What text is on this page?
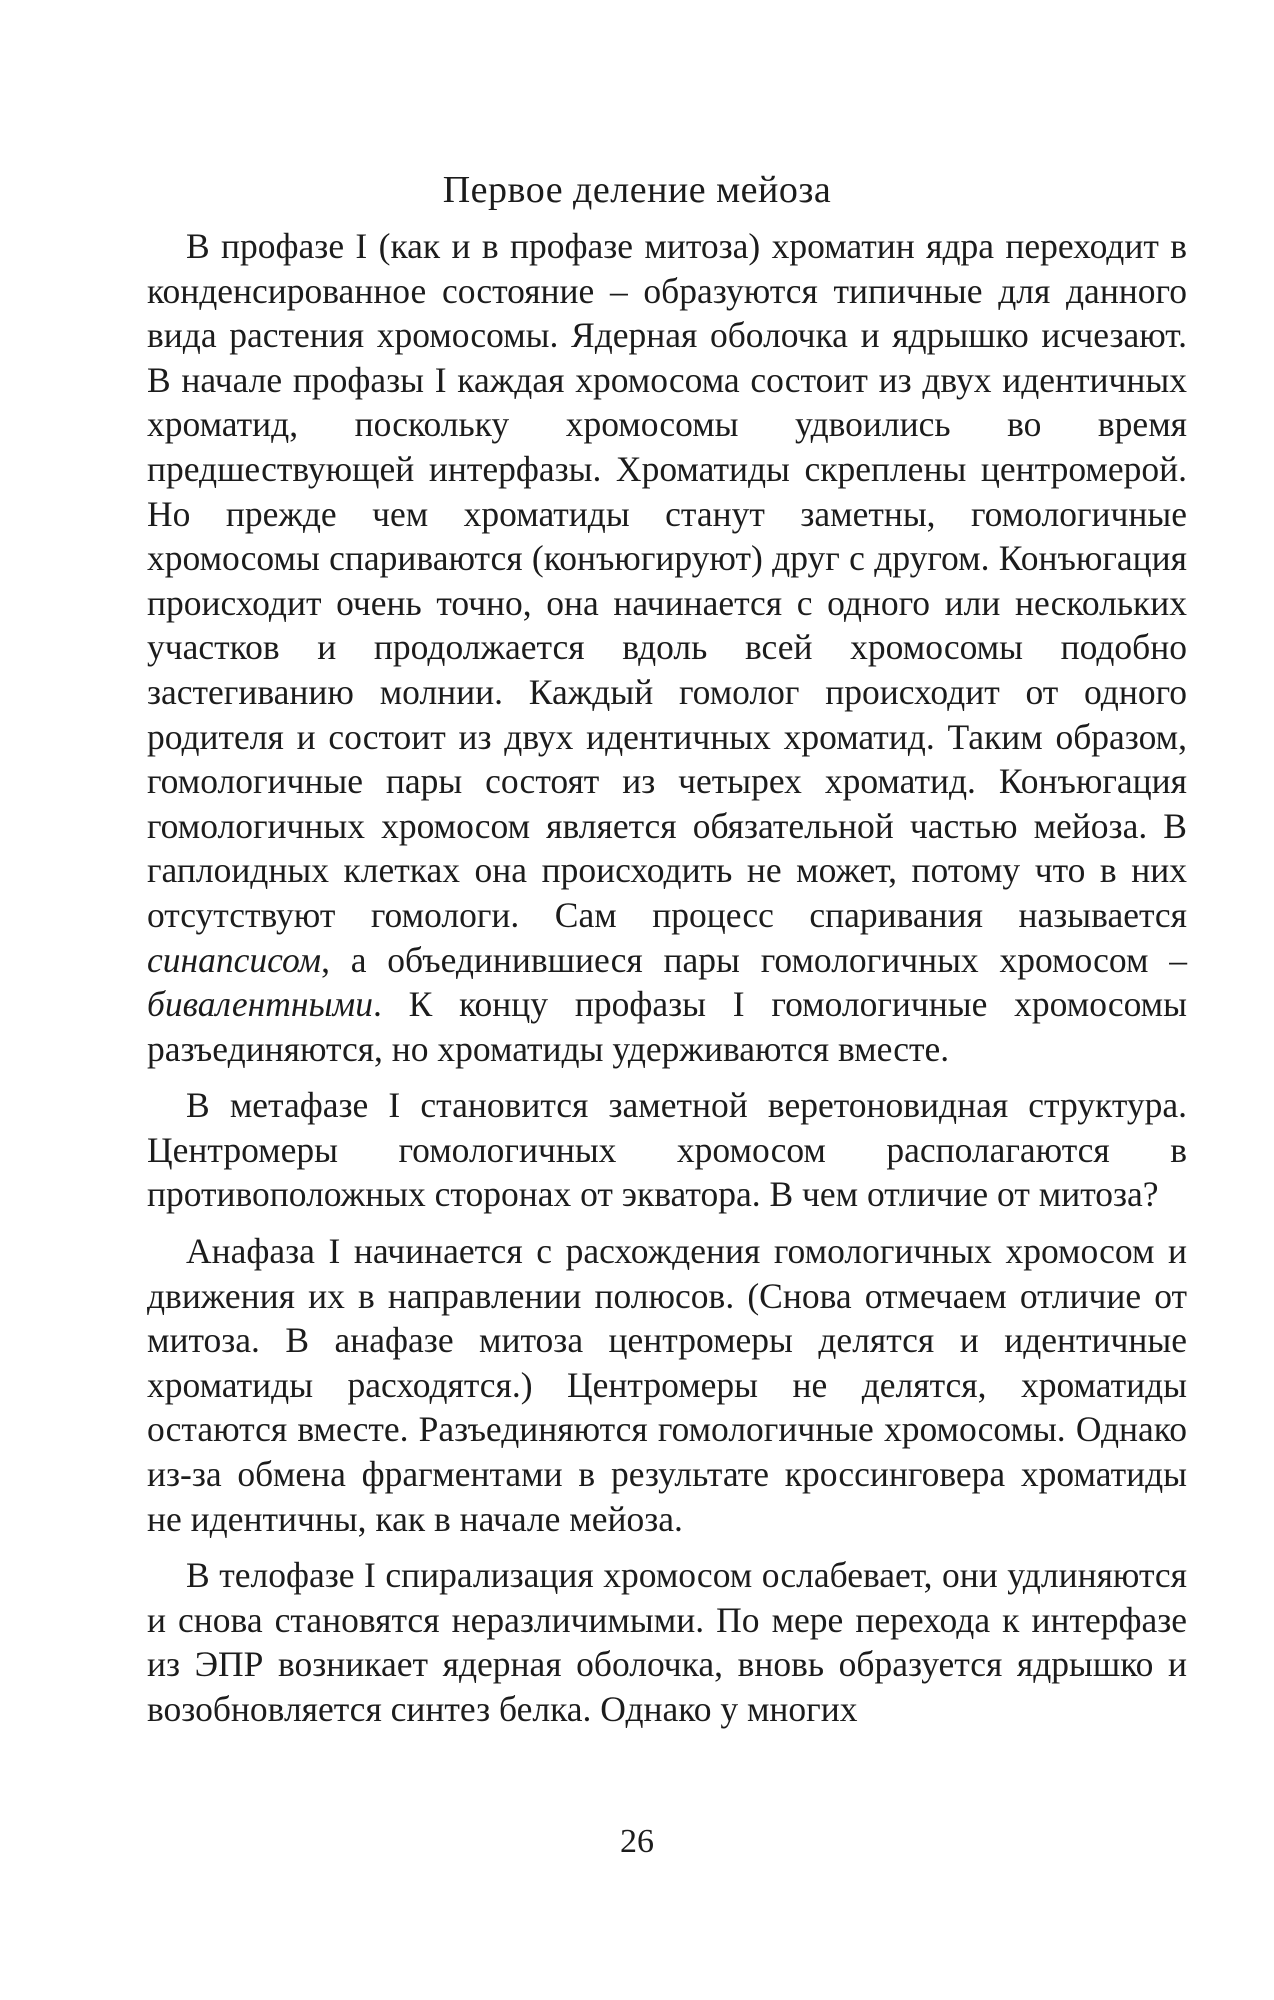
Первое деление мейоза

В профазе I (как и в профазе митоза) хроматин ядра переходит в конденсированное состояние – образуются типичные для данного вида растения хромосомы. Ядерная оболочка и ядрышко исчезают. В начале профазы I каждая хромосома состоит из двух идентичных хроматид, поскольку хромосомы удвоились во время предшествующей интерфазы. Хроматиды скреплены центромерой. Но прежде чем хроматиды станут заметны, гомологичные хромосомы спариваются (конъюгируют) друг с другом. Конъюгация происходит очень точно, она начинается с одного или нескольких участков и продолжается вдоль всей хромосомы подобно застегиванию молнии. Каждый гомолог происходит от одного родителя и состоит из двух идентичных хроматид. Таким образом, гомологичные пары состоят из четырех хроматид. Конъюгация гомологичных хромосом является обязательной частью мейоза. В гаплоидных клетках она происходить не может, потому что в них отсутствуют гомологи. Сам процесс спаривания называется синапсисом, а объединившиеся пары гомологичных хромосом – бивалентными. К концу профазы I гомологичные хромосомы разъединяются, но хроматиды удерживаются вместе.

В метафазе I становится заметной веретоновидная структура. Центромеры гомологичных хромосом располагаются в противоположных сторонах от экватора. В чем отличие от митоза?

Анафаза I начинается с расхождения гомологичных хромосом и движения их в направлении полюсов. (Снова отмечаем отличие от митоза. В анафазе митоза центромеры делятся и идентичные хроматиды расходятся.) Центромеры не делятся, хроматиды остаются вместе. Разъединяются гомологичные хромосомы. Однако из-за обмена фрагментами в результате кроссинговера хроматиды не идентичны, как в начале мейоза.

В телофазе I спирализация хромосом ослабевает, они удлиняются и снова становятся неразличимыми. По мере перехода к интерфазе из ЭПР возникает ядерная оболочка, вновь образуется ядрышко и возобновляется синтез белка. Однако у многих

26
